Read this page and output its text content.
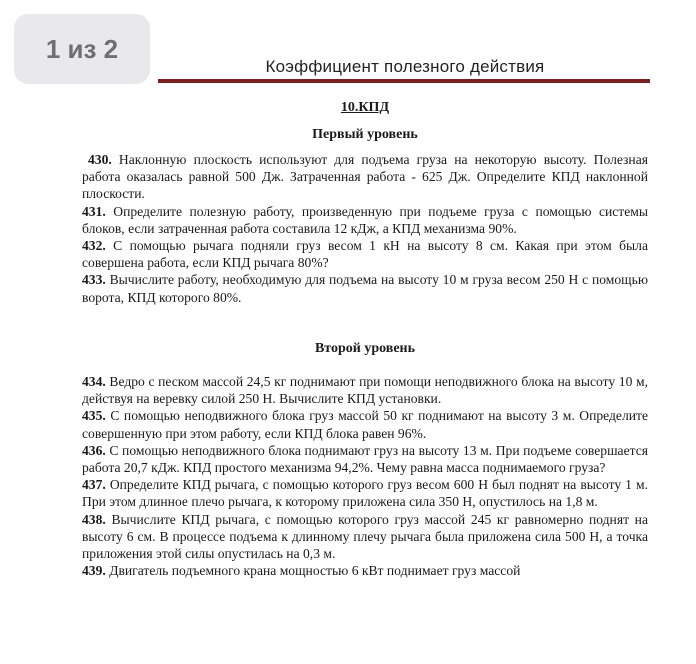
1 из 2
Коэффициент полезного действия
10.КПД
Первый уровень

430. Наклонную плоскость используют для подъема груза на некоторую высоту. Полезная работа оказалась равной 500 Дж. Затраченная работа - 625 Дж. Определите КПД наклонной плоскости.

431. Определите полезную работу, произведенную при подъеме груза с помощью системы блоков, если затраченная работа составила 12 кДж, а КПД механизма 90%.

432. С помощью рычага подняли груз весом 1 кН на высоту 8 см. Какая при этом была совершена работа, если КПД рычага 80%?

433. Вычислите работу, необходимую для подъема на высоту 10 м груза весом 250 Н с помощью ворота, КПД которого 80%.

Второй уровень

434. Ведро с песком массой 24,5 кг поднимают при помощи неподвижного блока на высоту 10 м, действуя на веревку силой 250 Н. Вычислите КПД установки.

435. С помощью неподвижного блока груз массой 50 кг поднимают на высоту 3 м. Определите совершенную при этом работу, если КПД блока равен 96%.

436. С помощью неподвижного блока поднимают груз на высоту 13 м. При подъеме совершается работа 20,7 кДж. КПД простого механизма 94,2%. Чему равна масса поднимаемого груза?

437. Определите КПД рычага, с помощью которого груз весом 600 Н был поднят на высоту 1 м. При этом длинное плечо рычага, к которому приложена сила 350 Н, опустилось на 1,8 м.

438. Вычислите КПД рычага, с помощью которого груз массой 245 кг равномерно поднят на высоту 6 см. В процессе подъема к длинному плечу рычага была приложена сила 500 Н, а точка приложения этой силы опустилась на 0,3 м.

439. Двигатель подъемного крана мощностью 6 кВт поднимает груз массой
